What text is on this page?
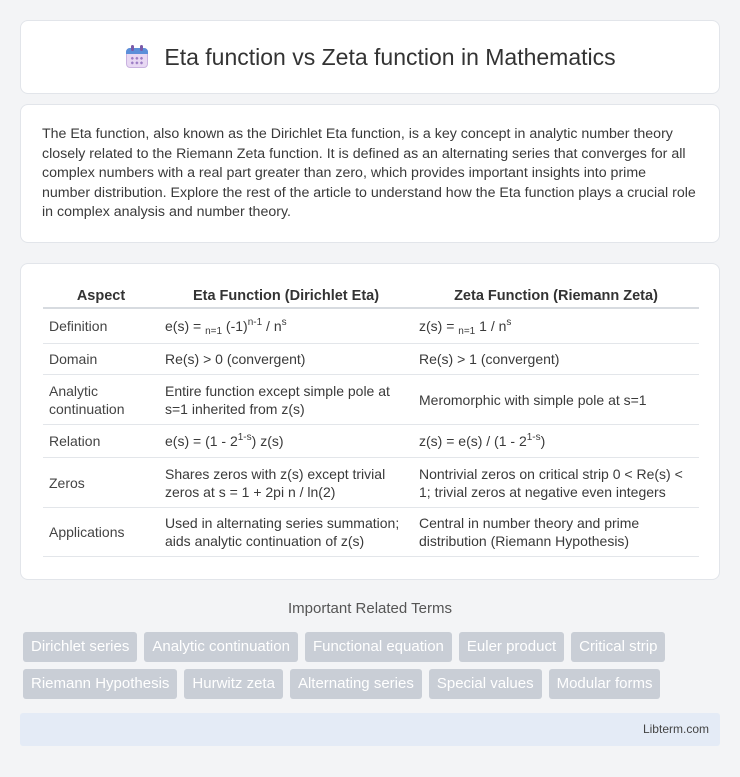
Eta function vs Zeta function in Mathematics

The Eta function, also known as the Dirichlet Eta function, is a key concept in analytic number theory closely related to the Riemann Zeta function. It is defined as an alternating series that converges for all complex numbers with a real part greater than zero, which provides important insights into prime number distribution. Explore the rest of the article to understand how the Eta function plays a crucial role in complex analysis and number theory.

Aspect	Eta Function (Dirichlet Eta)	Zeta Function (Riemann Zeta)
Definition	e(s) = $_{n=1}$ $(-1)^{n-1} / n^s$	z(s) = $_{n=1}$ $1 / n^s$
Domain	Re(s) > 0 (convergent)	Re(s) > 1 (convergent)
Analytic continuation	Entire function except simple pole at s=1 inherited from z(s)	Meromorphic with simple pole at s=1
Relation	e(s) = (1 - 2$^{1-s}$) z(s)	z(s) = e(s) / (1 - 2$^{1-s}$)
Zeros	Shares zeros with z(s) except trivial zeros at s = 1 + 2pi n / ln(2)	Nontrivial zeros on critical strip 0 < Re(s) < 1; trivial zeros at negative even integers
Applications	Used in alternating series summation; aids analytic continuation of z(s)	Central in number theory and prime distribution (Riemann Hypothesis)
Important Related Terms
Dirichlet series	Analytic continuation	Functional equation	Euler product	Critical strip
Riemann Hypothesis	Hurwitz zeta	Alternating series	Special values	Modular forms
Libterm.com
